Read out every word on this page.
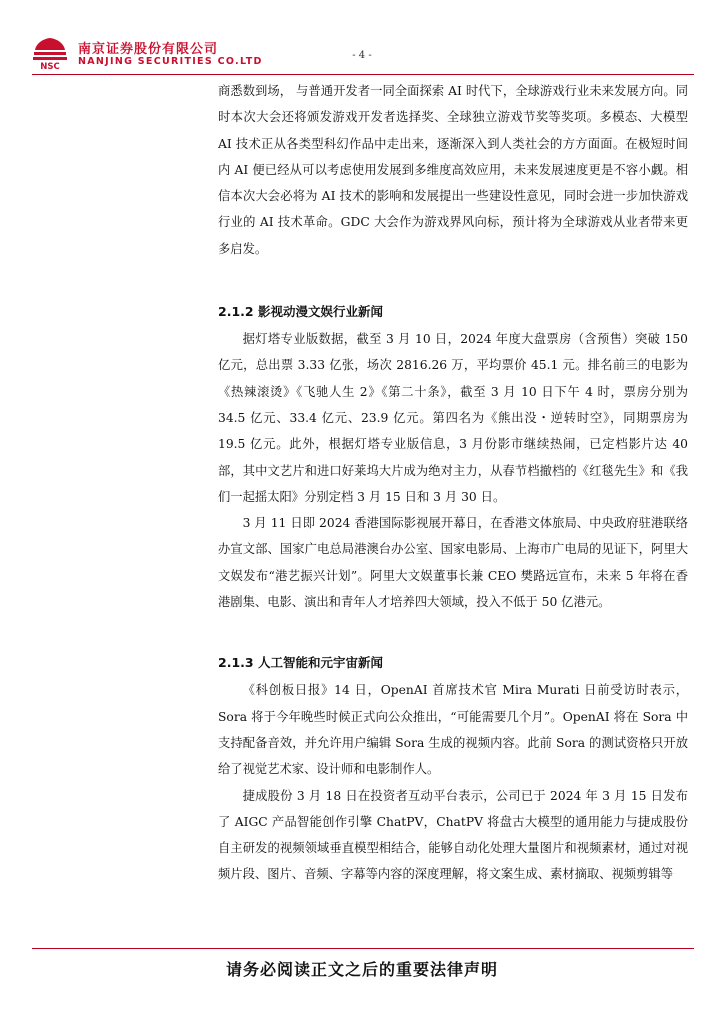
NSC
南京证券股份有限公司
NANJING SECURITIES CO.LTD
- 4 -

商悉数到场， 与普通开发者一同全面探索 AI 时代下，全球游戏行业未来发展方向。同时本次大会还将颁发游戏开发者选择奖、全球独立游戏节奖等奖项。多模态、大模型 AI 技术正从各类型科幻作品中走出来，逐渐深入到人类社会的方方面面。在极短时间内 AI 便已经从可以考虑使用发展到多维度高效应用，未来发展速度更是不容小觑。相信本次大会必将为 AI 技术的影响和发展提出一些建设性意见，同时会进一步加快游戏行业的 AI 技术革命。GDC 大会作为游戏界风向标，预计将为全球游戏从业者带来更多启发。

2.1.2 影视动漫文娱行业新闻

据灯塔专业版数据，截至 3 月 10 日，2024 年度大盘票房（含预售）突破 150 亿元，总出票 3.33 亿张，场次 2816.26 万，平均票价 45.1 元。排名前三的电影为《热辣滚烫》《飞驰人生 2》《第二十条》，截至 3 月 10 日下午 4 时，票房分别为 34.5 亿元、33.4 亿元、23.9 亿元。第四名为《熊出没・逆转时空》，同期票房为 19.5 亿元。此外，根据灯塔专业版信息，3 月份影市继续热闹，已定档影片达 40 部，其中文艺片和进口好莱坞大片成为绝对主力，从春节档撤档的《红毯先生》和《我们一起摇太阳》分别定档 3 月 15 日和 3 月 30 日。

3 月 11 日即 2024 香港国际影视展开幕日，在香港文体旅局、中央政府驻港联络办宣文部、国家广电总局港澳台办公室、国家电影局、上海市广电局的见证下，阿里大文娱发布“港艺振兴计划”。阿里大文娱董事长兼 CEO 樊路远宣布，未来 5 年将在香港剧集、电影、演出和青年人才培养四大领域，投入不低于 50 亿港元。

2.1.3 人工智能和元宇宙新闻

《科创板日报》14 日，OpenAI 首席技术官 Mira Murati 日前受访时表示，Sora 将于今年晚些时候正式向公众推出，“可能需要几个月”。OpenAI 将在 Sora 中支持配备音效，并允许用户编辑 Sora 生成的视频内容。此前 Sora 的测试资格只开放给了视觉艺术家、设计师和电影制作人。

捷成股份 3 月 18 日在投资者互动平台表示，公司已于 2024 年 3 月 15 日发布了 AIGC 产品智能创作引擎 ChatPV，ChatPV 将盘古大模型的通用能力与捷成股份自主研发的视频领域垂直模型相结合，能够自动化处理大量图片和视频素材，通过对视频片段、图片、音频、字幕等内容的深度理解，将文案生成、素材摘取、视频剪辑等

请务必阅读正文之后的重要法律声明
